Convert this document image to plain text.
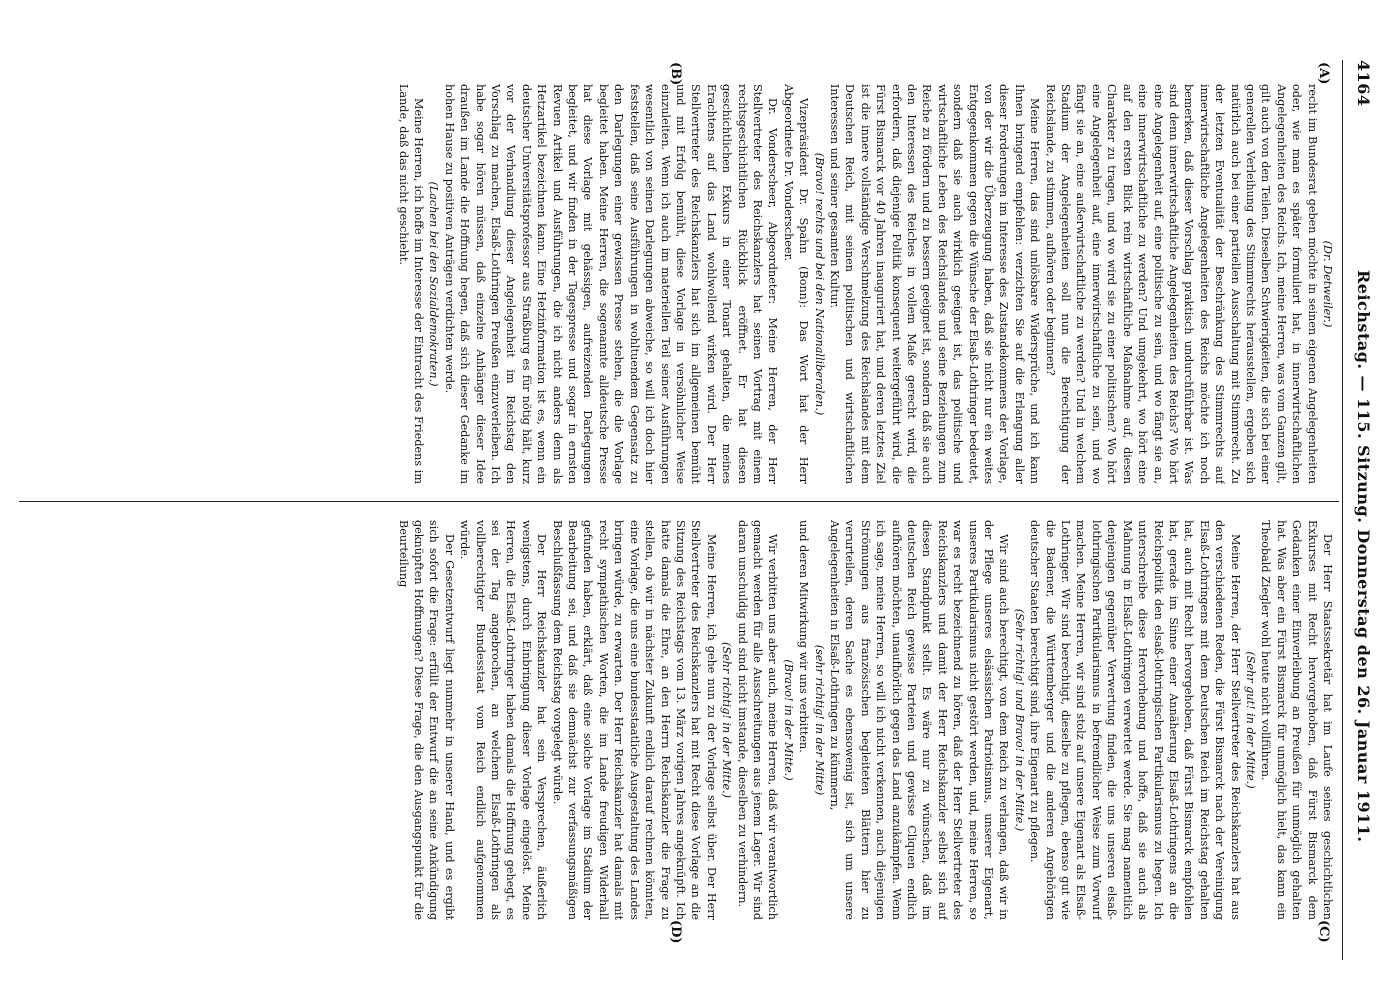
4164
Reichstag. — 115. Sitzung. Donnerstag den 26. Januar 1911.
(A)
(B)
(C)
(D)

(Dr. Detweiler.)

recht im Bundesrat geben möchte in seinen eigenen Angelegenheiten oder, wie man es später formuliert hat, in innerwirtschaftlichen Angelegenheiten des Reichs. Ich, meine Herren, was vom Ganzen gilt, gilt auch von den Teilen. Dieselben Schwierigkeiten, die sich bei einer generellen Verleihung des Stimmrechts herausstellen, ergeben sich natürlich auch bei einer partiellen Ausschaltung mit Stimmrecht. Zu der letzten Eventualität der Beschränkung des Stimmrechts auf innerwirtschaftliche Angelegenheiten des Reichs möchte ich noch bemerken, daß dieser Vorschlag praktisch undurchführbar ist. Was sind denn innerwirtschaftliche Angelegenheiten des Reichs? Wo hört eine Angelegenheit auf, eine politische zu sein, und wo fängt sie an, eine innerwirtschaftliche zu werden? Und umgekehrt, wo hört eine auf den ersten Blick rein wirtschaftliche Maßnahme auf, diesen Charakter zu tragen, und wo wird sie zu einer politischen? Wo hört eine Angelegenheit auf, eine innerwirtschaftliche zu sein, und wo fängt sie an, eine außerwirtschaftliche zu werden? Und in welchem Stadium der Angelegenheiten soll nun die Berechtigung der Reichslande, zu stimmen, aufhören oder beginnen?

Meine Herren, das sind unlösbare Widersprüche, und ich kann Ihnen bringend empfehlen: verzichten Sie auf die Erlangung aller dieser Forderungen im Interesse des Zustandekommens der Vorlage, von der wir die Überzeugung haben, daß sie nicht nur ein weites Entgegenkommen gegen die Wünsche der Elsaß-Lothringer bedeutet, sondern daß sie auch wirklich geeignet ist, das politische und wirtschaftliche Leben des Reichslandes und seine Beziehungen zum Reiche zu fördern und zu bessern geeignet ist, sondern daß sie auch den Interessen des Reiches in vollem Maße gerecht wird, die erfordern, daß diejenige Politik konsequent weitergeführt wird, die Fürst Bismarck vor 40 Jahren inauguriert hat, und deren letztes Ziel ist die innere vollständige Verschmelzung des Reichslandes mit dem Deutschen Reich, mit seinen politischen und wirtschaftlichen Interessen und seiner gesamten Kultur.

(Bravo! rechts und bei den Nationalliberalen.)

Vizepräsident Dr. Spahn (Bonn): Das Wort hat der Herr Abgeordnete Dr. Vonderscheer.

Dr. Vonderscheer, Abgeordneter: Meine Herren, der Herr Stellvertreter des Reichskanzlers hat seinen Vortrag mit einem rechtsgeschichtlichen Rückblick eröffnet. Er hat diesen geschichtlichen Exkurs in einer Tonart gehalten, die meines Erachtens auf das Land wohlwollend wirken wird. Der Herr Stellvertreter des Reichskanzlers hat sich im allgemeinen bemüht und mit Erfolg bemüht, diese Vorlage in versöhnlicher Weise einzuleiten. Wenn ich auch im materiellen Teil seiner Ausführungen wesentlich von seinen Darlegungen abweiche, so will ich doch hier feststellen, daß seine Ausführungen in wohltuendem Gegensatz zu den Darlegungen einer gewissen Presse stehen, die die Vorlage begleitet haben. Meine Herren, die sogenannte alldeutsche Presse hat diese Vorlage mit gehässigen, aufreizenden Darlegungen begleitet, und wir finden in der Tagespresse und sogar in ernsten Revuen Artikel und Ausführungen, die ich nicht anders denn als Hetzartikel bezeichnen kann. Eine Hetzinformation ist es, wenn ein deutscher Universitätsprofessor aus Straßburg es für nötig hält, kurz vor der Verhandlung dieser Angelegenheit im Reichstag den Vorschlag zu machen, Elsaß-Lothringen Preußen einzuverleiben. Ich habe sogar hören müssen, daß einzelne Anhänger dieser Idee draußen im Lande die Hoffnung hegen, daß sich dieser Gedanke im hohen Hause zu positiven Anträgen verdichten werde.

(Lachen bei den Sozialdemokraten.)

Meine Herren, ich hoffe im Interesse der Eintracht des Friedens im Lande, daß das nicht geschieht.

Der Herr Staatssekretär hat im Laufe seines geschichtlichen Exkurses mit Recht hervorgehoben, daß Fürst Bismarck dem Gedanken einer Einverleibung an Preußen für unmöglich gehalten hat. Was aber ein Fürst Bismarck für unmöglich hielt, das kann ein Theobald Ziegler wohl heute nicht vollführen.

(Sehr gut! in der Mitte.)

Meine Herren, der Herr Stellvertreter des Reichskanzlers hat aus den verschiedenen Reden, die Fürst Bismarck nach der Vereinigung Elsaß-Lothringens mit dem Deutschen Reich im Reichstag gehalten hat, auch mit Recht hervorgehoben, daß Fürst Bismarck empfohlen hat, gerade im Sinne einer Annäherung Elsaß-Lothringens an die Reichspolitik den elsaß-lothringischen Partikularismus zu hegen. Ich unterschreibe diese Hervorhebung und hoffe, daß sie auch als Mahnung in Elsaß-Lothringen verwertet werde. Sie mag namentlich denjenigen gegenüber Verwertung finden, die uns unseren elsaß-lothringischen Partikularismus in befremdlicher Weise zum Vorwurf machen. Meine Herren, wir sind stolz auf unsere Eigenart als Elsaß-Lothringer. Wir sind berechtigt, dieselbe zu pflegen, ebenso gut wie die Badener, die Württemberger und die anderen Angehörigen deutscher Staaten berechtigt sind, ihre Eigenart zu pflegen.

(Sehr richtig! und Bravo! in der Mitte.)

Wir sind auch berechtigt, von dem Reich zu verlangen, daß wir in der Pflege unseres elsässischen Patriotismus, unserer Eigenart, unseres Partikularismus nicht gestört werden, und, meine Herren, so war es recht bezeichnend zu hören, daß der Herr Stellvertreter des Reichskanzlers und damit der Herr Reichskanzler selbst sich auf diesen Standpunkt stellt. Es wäre nur zu wünschen, daß im deutschen Reich gewisse Parteien und gewisse Cliquen endlich aufhören möchten, unaufhörlich gegen das Land anzukämpfen. Wenn ich sage, meine Herren, so will ich nicht verkennen, auch diejenigen Strömungen aus französischen begleiteten Blättern hier zu verurteilen, deren Sache es ebensowenig ist, sich um unsere Angelegenheiten in Elsaß-Lothringen zu kümmern,

(sehr richtig! in der Mitte)

und deren Mitwirkung wir uns verbitten.

(Bravo! in der Mitte.)

Wir verbitten uns aber auch, meine Herren, daß wir verantwortlich gemacht werden für alle Ausschreitungen aus jenem Lager. Wir sind daran unschuldig und sind nicht imstande, dieselben zu verhindern.

(Sehr richtig! in der Mitte.)

Meine Herren, ich gehe nun zu der Vorlage selbst über. Der Herr Stellvertreter des Reichskanzlers hat mit Recht diese Vorlage an die Sitzung des Reichstags vom 13. März vorigen Jahres angeknüpft. Ich hatte damals die Ehre, an den Herrn Reichskanzler die Frage zu stellen, ob wir in nächster Zukunft endlich darauf rechnen könnten, eine Vorlage, die uns eine bundesstaatliche Ausgestaltung des Landes bringen würde, zu erwarten. Der Herr Reichskanzler hat damals mit recht sympathischen Worten, die im Lande freudigen Widerhall gefunden haben, erklärt, daß eine solche Vorlage im Stadium der Bearbeitung sei, und daß sie demnächst zur verfassungsmäßigen Beschlußfassung dem Reichstag vorgelegt würde.

Der Herr Reichskanzler hat sein Versprechen, äußerlich wenigstens, durch Einbringung dieser Vorlage eingelöst. Meine Herren, die Elsaß-Lothringer haben damals die Hoffnung gehegt, es sei der Tag angebrochen, an welchem Elsaß-Lothringen als vollberechtigter Bundesstaat vom Reich endlich aufgenommen würde.

Der Gesetzentwurf liegt nunmehr in unserer Hand, und es ergibt sich sofort die Frage: erfüllt der Entwurf die an seine Ankündigung geknüpften Hoffnungen? Diese Frage, die den Ausgangspunkt für die Beurteilung
